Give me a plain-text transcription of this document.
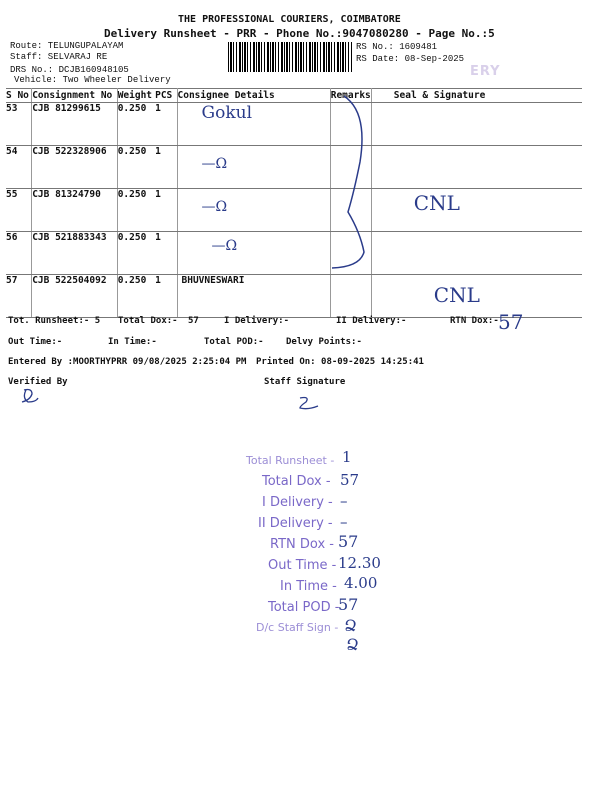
THE PROFESSIONAL COURIERS, COIMBATORE
Delivery Runsheet - PRR - Phone No.:9047080280 - Page No.:5
Route: TELUNGUPALAYAM
Staff: SELVARAJ RE
DRS No.: DCJB160948105
Vehicle: Two Wheeler Delivery
RS No.: 1609481
RS Date: 08-Sep-2025
ERY
S No	Consignment No	Weight	PCS	Consignee Details	Remarks	Seal & Signature
53	CJB 81299615	0.250	1	Gokul		
54	CJB 522328906	0.250	1	—Ω		
55	CJB 81324790	0.250	1	—Ω		CNL
56	CJB 521883343	0.250	1	—Ω		
57	CJB 522504092	0.250	1	BHUVNESWARI		CNL
Tot. Runsheet:- 5 Total Dox:- 57	I Delivery:-	II Delivery:-	RTN Dox:- 57
Out Time:-	In Time:-	Total POD:- Delvy Points:-
Entered By :MOORTHYPRR 09/08/2025 2:25:04 PM Printed On: 08-09-2025 14:25:41
Verified By	Staff Signature
Total Runsheet - 1
Total Dox - 57
I Delivery - –
II Delivery - –
RTN Dox - 57
Out Time - 12.30
In Time - 4.00
Total POD -
57
D/c Staff Sign - Ձ
Ձ
